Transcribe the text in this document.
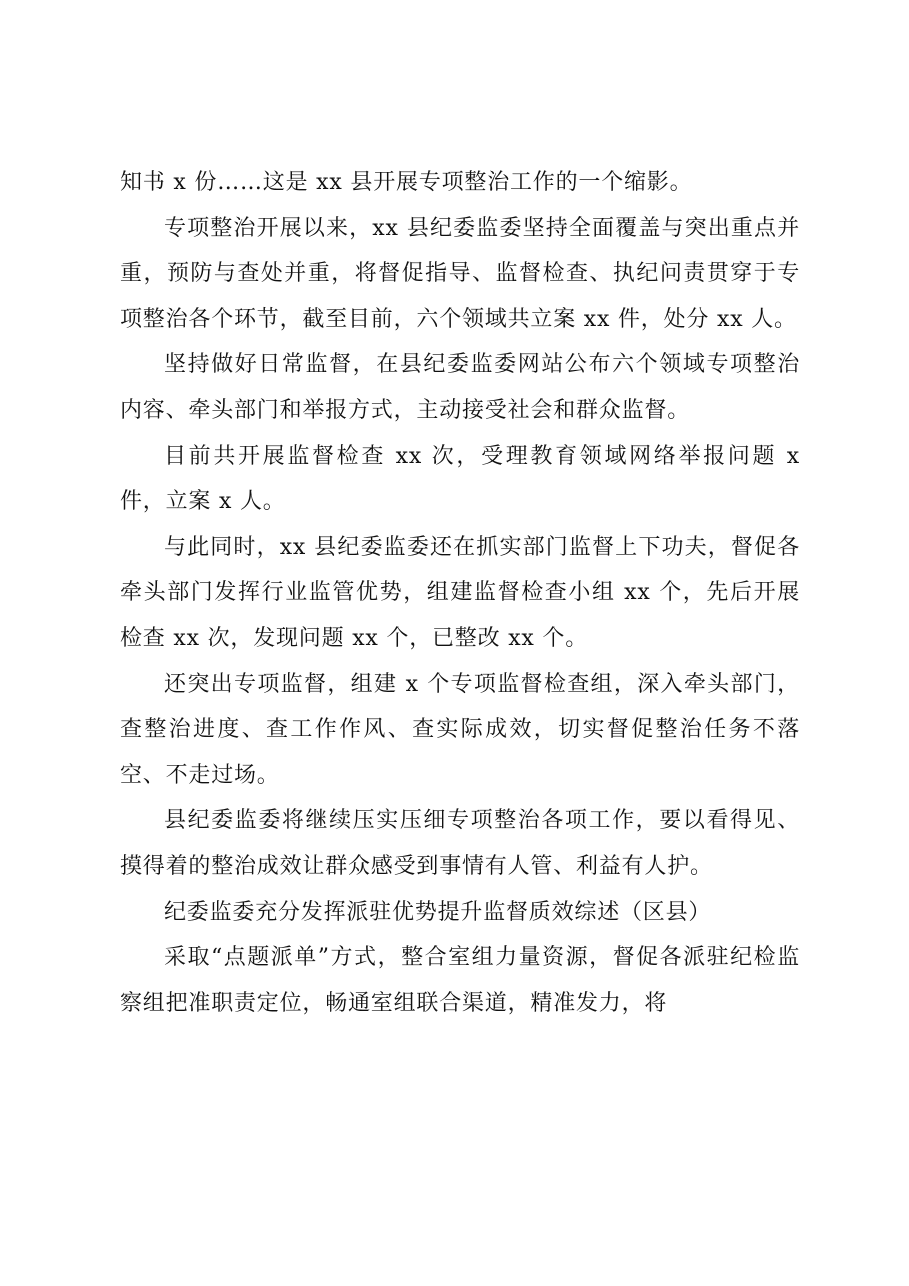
知书 x 份……这是 xx 县开展专项整治工作的一个缩影。

专项整治开展以来，xx 县纪委监委坚持全面覆盖与突出重点并重，预防与查处并重，将督促指导、监督检查、执纪问责贯穿于专项整治各个环节，截至目前，六个领域共立案 xx 件，处分 xx 人。

坚持做好日常监督，在县纪委监委网站公布六个领域专项整治内容、牵头部门和举报方式，主动接受社会和群众监督。

目前共开展监督检查 xx 次，受理教育领域网络举报问题 x 件，立案 x 人。

与此同时，xx 县纪委监委还在抓实部门监督上下功夫，督促各牵头部门发挥行业监管优势，组建监督检查小组 xx 个，先后开展检查 xx 次，发现问题 xx 个，已整改 xx 个。

还突出专项监督，组建 x 个专项监督检查组，深入牵头部门，查整治进度、查工作作风、查实际成效，切实督促整治任务不落空、不走过场。

县纪委监委将继续压实压细专项整治各项工作，要以看得见、摸得着的整治成效让群众感受到事情有人管、利益有人护。

纪委监委充分发挥派驻优势提升监督质效综述（区县）

采取“点题派单”方式，整合室组力量资源，督促各派驻纪检监察组把准职责定位，畅通室组联合渠道，精准发力，将
